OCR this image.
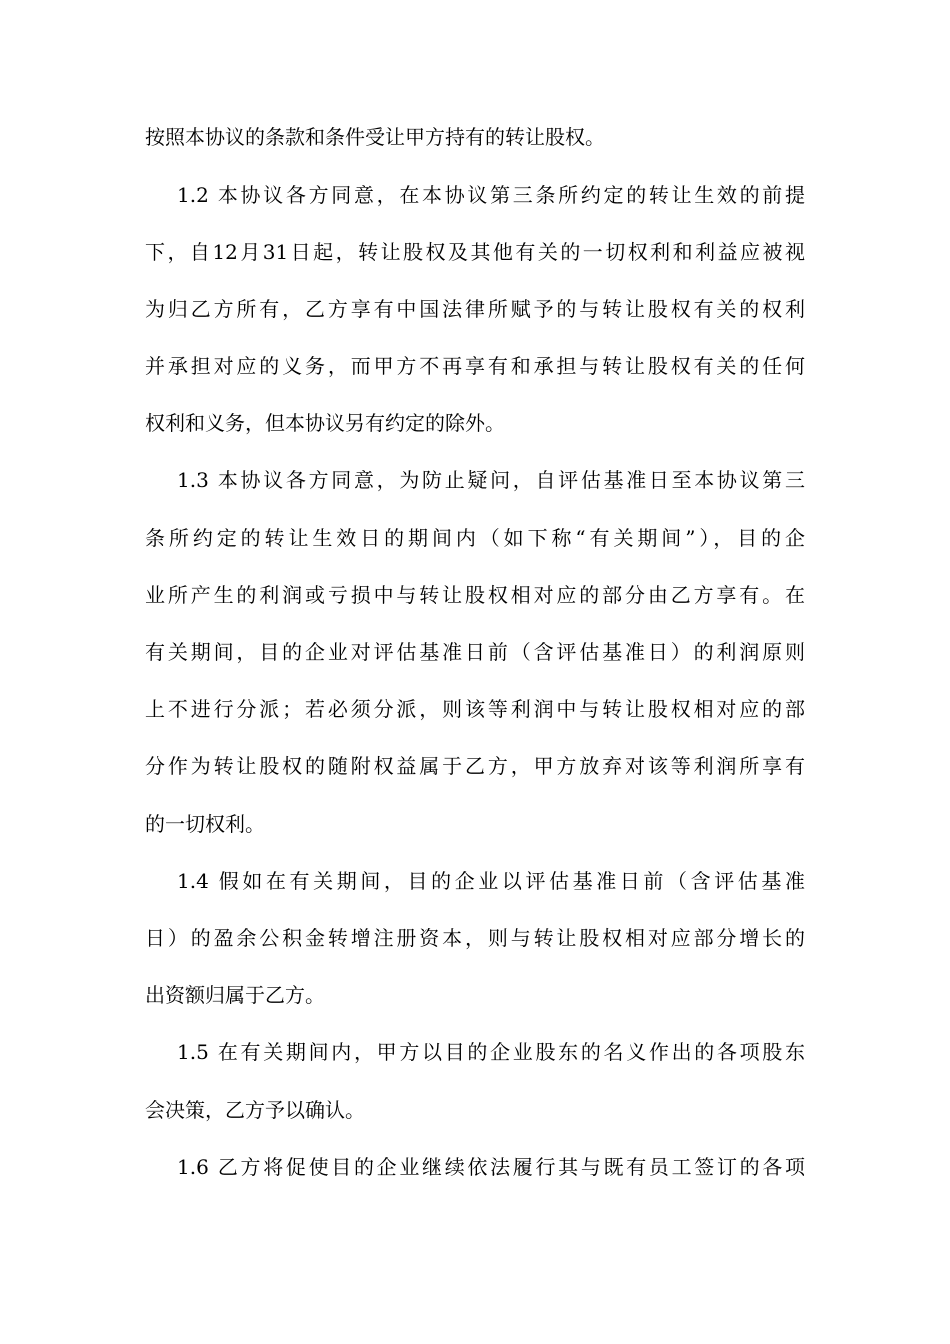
按照本协议的条款和条件受让甲方持有的转让股权。
1.2 本协议各方同意，在本协议第三条所约定的转让生效的前提
下，自12月31日起，转让股权及其他有关的一切权利和利益应被视
为归乙方所有，乙方享有中国法律所赋予的与转让股权有关的权利
并承担对应的义务，而甲方不再享有和承担与转让股权有关的任何
权利和义务，但本协议另有约定的除外。
1.3 本协议各方同意，为防止疑问，自评估基准日至本协议第三
条所约定的转让生效日的期间内（如下称“有关期间”），目的企
业所产生的利润或亏损中与转让股权相对应的部分由乙方享有。在
有关期间，目的企业对评估基准日前（含评估基准日）的利润原则
上不进行分派；若必须分派，则该等利润中与转让股权相对应的部
分作为转让股权的随附权益属于乙方，甲方放弃对该等利润所享有
的一切权利。
1.4 假如在有关期间，目的企业以评估基准日前（含评估基准
日）的盈余公积金转增注册资本，则与转让股权相对应部分增长的
出资额归属于乙方。
1.5 在有关期间内，甲方以目的企业股东的名义作出的各项股东
会决策，乙方予以确认。
1.6 乙方将促使目的企业继续依法履行其与既有员工签订的各项
